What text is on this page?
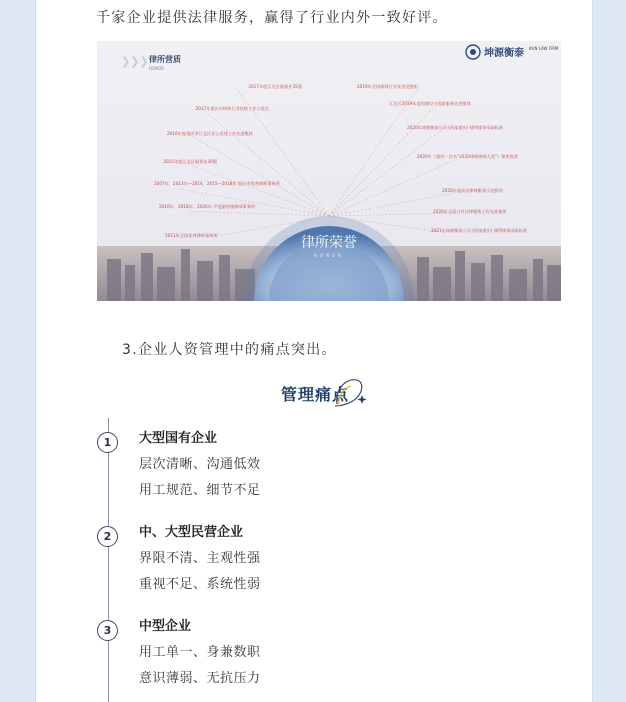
千家企业提供法律服务，赢得了行业内外一致好评。
❯❯❯ 律所营质
HONOR
坤源衡泰 KUN LAW FIRM
2017年度江北区服务业35强
2017年重庆市律师行业扶助工作示范点
2016年度重庆市江北区非公党建工作先进集体
2015年度江北区服务业30强
2007年、2013年—2014、2015—2018年 重庆市优秀律师事务所
2016年、2018年、2020年 平度副省级律师事务所
2011年全国优秀律师事务所
2019年全国律师行业先进党组织
江北区2019年度的建设与优质服务先进集体
2020年坤源衡泰公司 (西部重庆) 律所律事录取标准
2020年《重庆一百名“2020律师律师大奖”》律所推荐
2020年重庆法律律服务示范机构
2020年全国公共法律服务工作先进集体
2021年坤源衡泰公司 (西部重庆) 律所律事录取标准
律所荣誉
HONOR
3.企业人资管理中的痛点突出。
管理痛点
1	大型国有企业
层次清晰、沟通低效
用工规范、细节不足
2	中、大型民营企业
界限不清、主观性强
重视不足、系统性弱
3	中型企业
用工单一、身兼数职
意识薄弱、无抗压力
